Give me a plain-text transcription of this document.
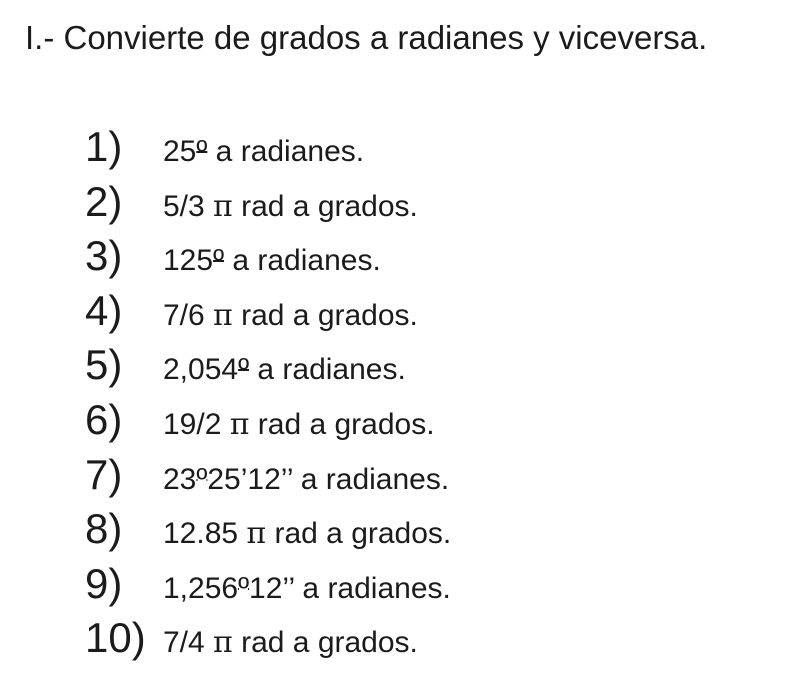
I.- Convierte de grados a radianes y viceversa.
1) 25º a radianes.
2) 5/3 π rad a grados.
3) 125º a radianes.
4) 7/6 π rad a grados.
5) 2,054º a radianes.
6) 19/2 π rad a grados.
7) 23º25’12’’ a radianes.
8) 12.85 π rad a grados.
9) 1,256º12’’ a radianes.
10) 7/4 π rad a grados.
